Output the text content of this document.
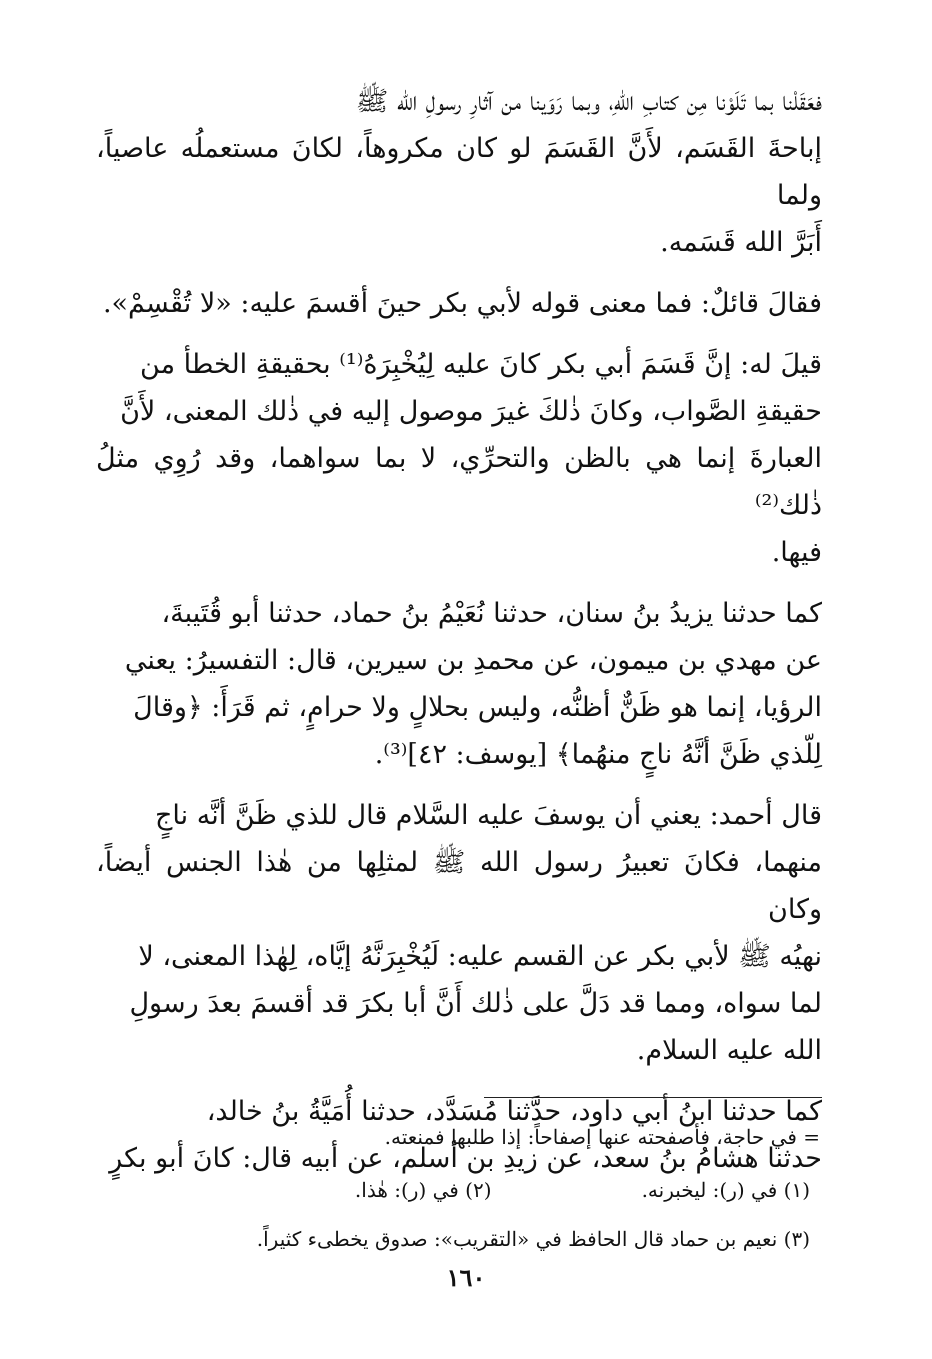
فعَقَلْنا بما تَلَوْنا مِن كتابِ اللهِ، وبما رَوَينا من آثارِ رسولِ الله ﷺ

إباحةَ القَسَم، لأَنَّ القَسَمَ لو كان مكروهاً، لكانَ مستعملُه عاصياً، ولما

أَبَرَّ الله قَسَمه.

فقالَ قائلٌ: فما معنى قوله لأبي بكر حينَ أقسمَ عليه: «لا تُقْسِمْ».

قيلَ له: إنَّ قَسَمَ أبي بكر كانَ عليه لِيُخْبِرَهُ⁽¹⁾ بحقيقةِ الخطأ من

حقيقةِ الصَّواب، وكانَ ذٰلكَ غيرَ موصول إليه في ذٰلك المعنى، لأَنَّ

العبارةَ إنما هي بالظن والتحرِّي، لا بما سواهما، وقد رُوِي مثلُ ذٰلك⁽²⁾

فيها.

كما حدثنا يزيدُ بنُ سنان، حدثنا نُعَيْمُ بنُ حماد، حدثنا أبو قُتَيبةَ،

عن مهدي بن ميمون، عن محمدِ بن سيرين، قال: التفسيرُ: يعني

الرؤيا، إنما هو ظَنٌّ أظنُّه، وليس بحلالٍ ولا حرامٍ، ثم قَرَأَ: ﴿وقالَ

لِلّذي ظَنَّ أنَّهُ ناجٍ منهُما﴾ [يوسف: ٤٢]⁽³⁾.

قال أحمد: يعني أن يوسفَ عليه السَّلام قال للذي ظَنَّ أنَّه ناجٍ

منهما، فكانَ تعبيرُ رسول الله ﷺ لمثلِها من هٰذا الجنس أيضاً، وكان

نهيُه ﷺ لأبي بكر عن القسم عليه: لَيُخْبِرَنَّهُ إيَّاه، لِهٰذا المعنى، لا

لما سواه، ومما قد دَلَّ على ذٰلك أَنَّ أبا بكرَ قد أقسمَ بعدَ رسولِ

الله عليه السلام.

كما حدثنا ابنُ أبي داود، حدَّثنا مُسَدَّد، حدثنا أُمَيَّةُ بنُ خالد،

حدثنا هشامُ بنُ سعد، عن زيدِ بن أسلم، عن أبيه قال: كانَ أبو بكرٍ

= في حاجة، فأصفحته عنها إصفاحاً: إذا طلبها فمنعته.
(١) في (ر): ليخبرنه.(٢) في (ر): هٰذا.
(٣) نعيم بن حماد قال الحافظ في «التقريب»: صدوق يخطىء كثيراً.
١٦٠
